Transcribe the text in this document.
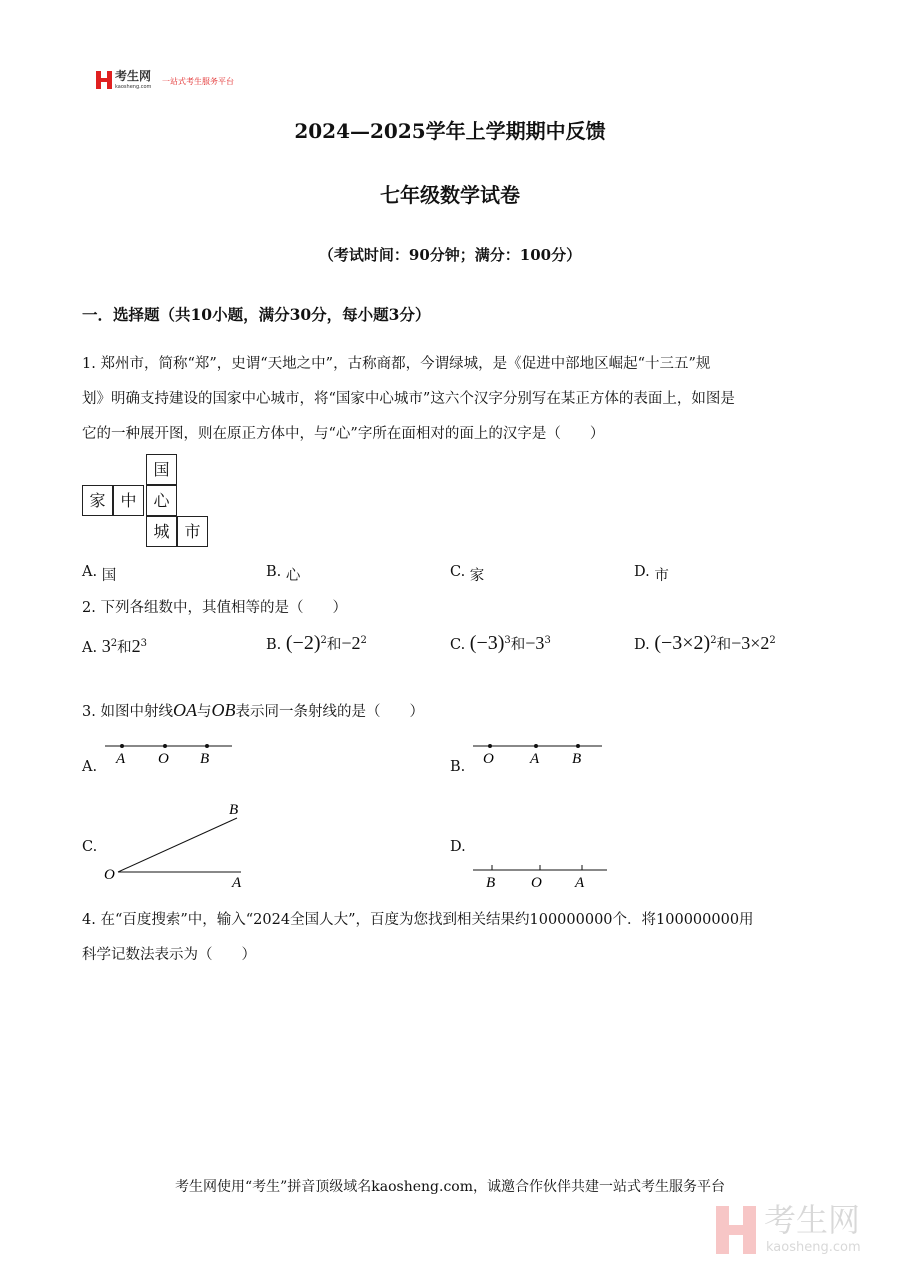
考生网
kaosheng.com
一站式考生服务平台
2024—2025学年上学期期中反馈
七年级数学试卷
（考试时间：90分钟；满分：100分）
一．选择题（共10小题，满分30分，每小题3分）
1. 郑州市，简称“郑”，史谓“天地之中”，古称商都，今谓绿城，是《促进中部地区崛起“十三五”规
划》明确支持建设的国家中心城市，将“国家中心城市”这六个汉字分别写在某正方体的表面上，如图是
它的一种展开图，则在原正方体中，与“心”字所在面相对的面上的汉字是（　　）
国
家 中	心
城 市
A. 国	B. 心	C. 家	D. 市
2. 下列各组数中，其值相等的是（　　）
A. $3^2$和$2^3$	B. $(-2)^2$和$-2^2$	C. $(-3)^3$和$-3^3$	D. $(-3\times 2)^2$和$-3\times 2^2$
3. 如图中射线OA与OB表示同一条射线的是（　　）
A. A O B	B. O A B
C.
B
O	A
D.
B O A
4. 在“百度搜索”中，输入“2024全国人大”，百度为您找到相关结果约100000000个．将100000000用
科学记数法表示为（　　）
考生网使用“考生”拼音顶级域名kaosheng.com，诚邀合作伙伴共建一站式考生服务平台
考生网
kaosheng.com
